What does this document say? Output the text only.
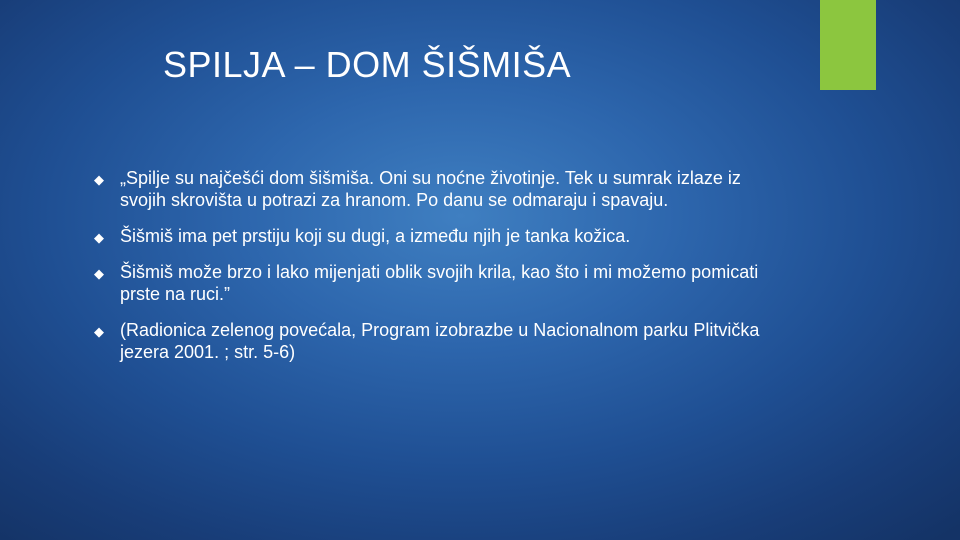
SPILJA – DOM ŠIŠMIŠA
◆ „Spilje su najčešći dom šišmiša. Oni su noćne životinje. Tek u sumrak izlaze iz svojih skrovišta u potrazi za hranom. Po danu se odmaraju i spavaju.
◆ Šišmiš ima pet prstiju koji su dugi, a između njih je tanka kožica.
◆ Šišmiš može brzo i lako mijenjati oblik svojih krila, kao što i mi možemo pomicati prste na ruci.”
◆ (Radionica zelenog povećala, Program izobrazbe u Nacionalnom parku Plitvička jezera 2001. ; str. 5-6)
